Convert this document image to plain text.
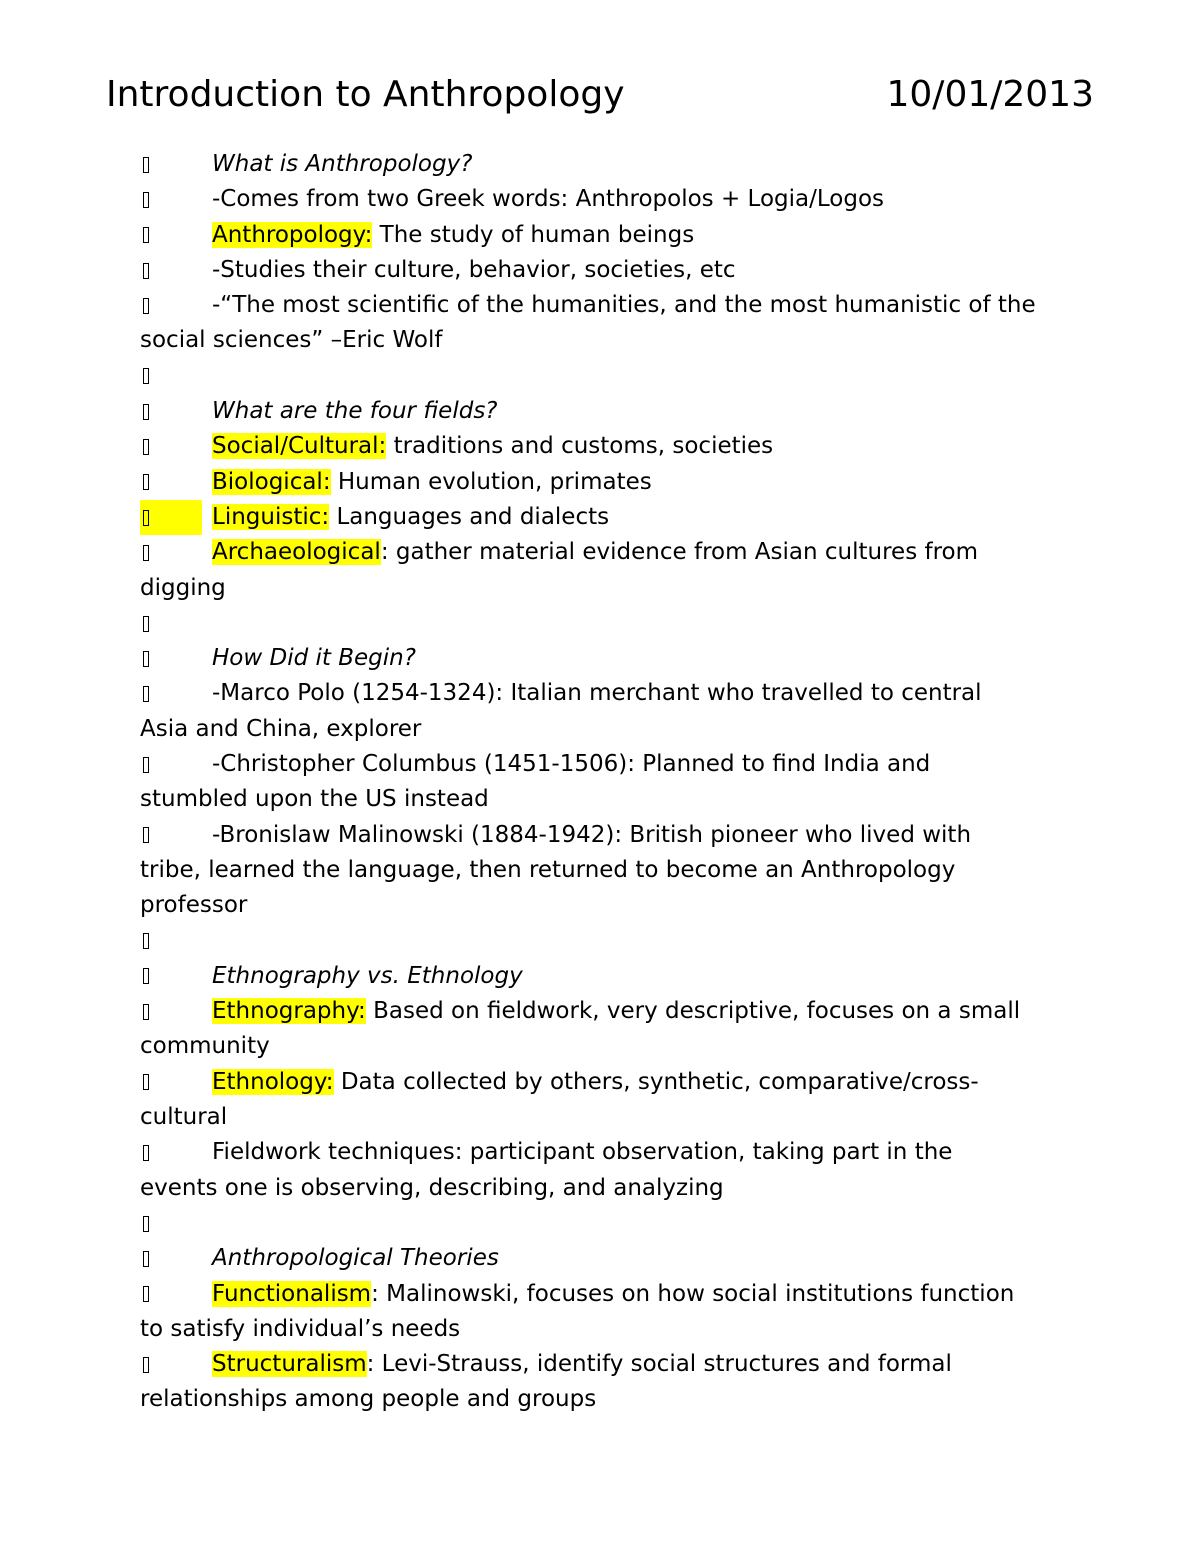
Introduction to Anthropology	10/01/2013
What is Anthropology?
-Comes from two Greek words: Anthropolos + Logia/Logos
Anthropology: The study of human beings
-Studies their culture, behavior, societies, etc
-“The most scientific of the humanities, and the most humanistic of the
social sciences” –Eric Wolf

What are the four fields?
Social/Cultural: traditions and customs, societies
Biological: Human evolution, primates
Linguistic: Languages and dialects
Archaeological: gather material evidence from Asian cultures from
digging

How Did it Begin?
-Marco Polo (1254-1324): Italian merchant who travelled to central
Asia and China, explorer
-Christopher Columbus (1451-1506): Planned to find India and
stumbled upon the US instead
-Bronislaw Malinowski (1884-1942): British pioneer who lived with
tribe, learned the language, then returned to become an Anthropology
professor

Ethnography vs. Ethnology
Ethnography: Based on fieldwork, very descriptive, focuses on a small
community
Ethnology: Data collected by others, synthetic, comparative/cross-
cultural
Fieldwork techniques: participant observation, taking part in the
events one is observing, describing, and analyzing

Anthropological Theories
Functionalism: Malinowski, focuses on how social institutions function
to satisfy individual’s needs
Structuralism: Levi-Strauss, identify social structures and formal
relationships among people and groups
